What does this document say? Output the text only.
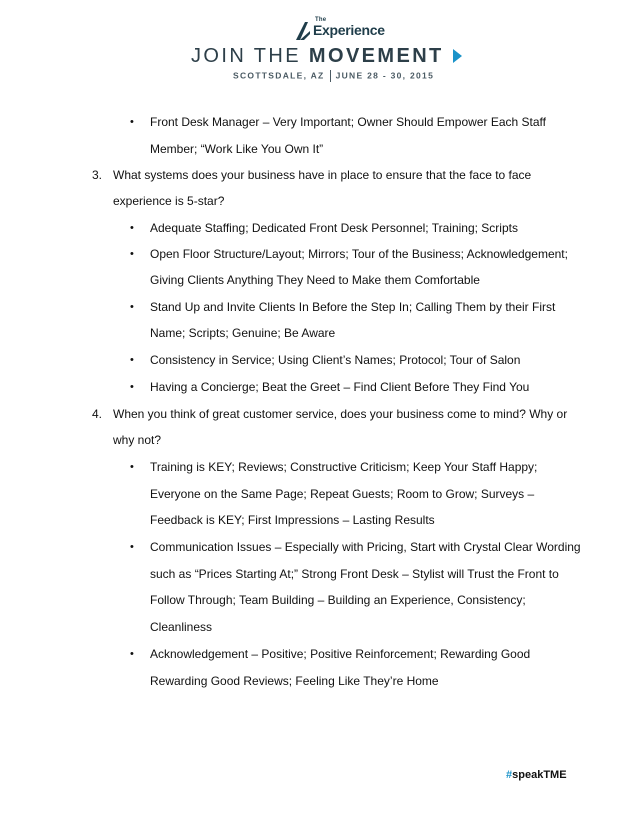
The
Experience
JOIN THE MOVEMENT
SCOTTSDALE, AZ JUNE 28 - 30, 2015
• Front Desk Manager – Very Important; Owner Should Empower Each Staff
Member; “Work Like You Own It”
3. What systems does your business have in place to ensure that the face to face
experience is 5-star?
• Adequate Staffing; Dedicated Front Desk Personnel; Training; Scripts
• Open Floor Structure/Layout; Mirrors; Tour of the Business; Acknowledgement;
Giving Clients Anything They Need to Make them Comfortable
• Stand Up and Invite Clients In Before the Step In; Calling Them by their First
Name; Scripts; Genuine; Be Aware
• Consistency in Service; Using Client’s Names; Protocol; Tour of Salon
• Having a Concierge; Beat the Greet – Find Client Before They Find You
4. When you think of great customer service, does your business come to mind? Why or
why not?
• Training is KEY; Reviews; Constructive Criticism; Keep Your Staff Happy;
Everyone on the Same Page; Repeat Guests; Room to Grow; Surveys –
Feedback is KEY; First Impressions – Lasting Results
• Communication Issues – Especially with Pricing, Start with Crystal Clear Wording
such as “Prices Starting At;” Strong Front Desk – Stylist will Trust the Front to
Follow Through; Team Building – Building an Experience, Consistency;
Cleanliness
• Acknowledgement – Positive; Positive Reinforcement; Rewarding Good
Rewarding Good Reviews; Feeling Like They’re Home
#speakTME
